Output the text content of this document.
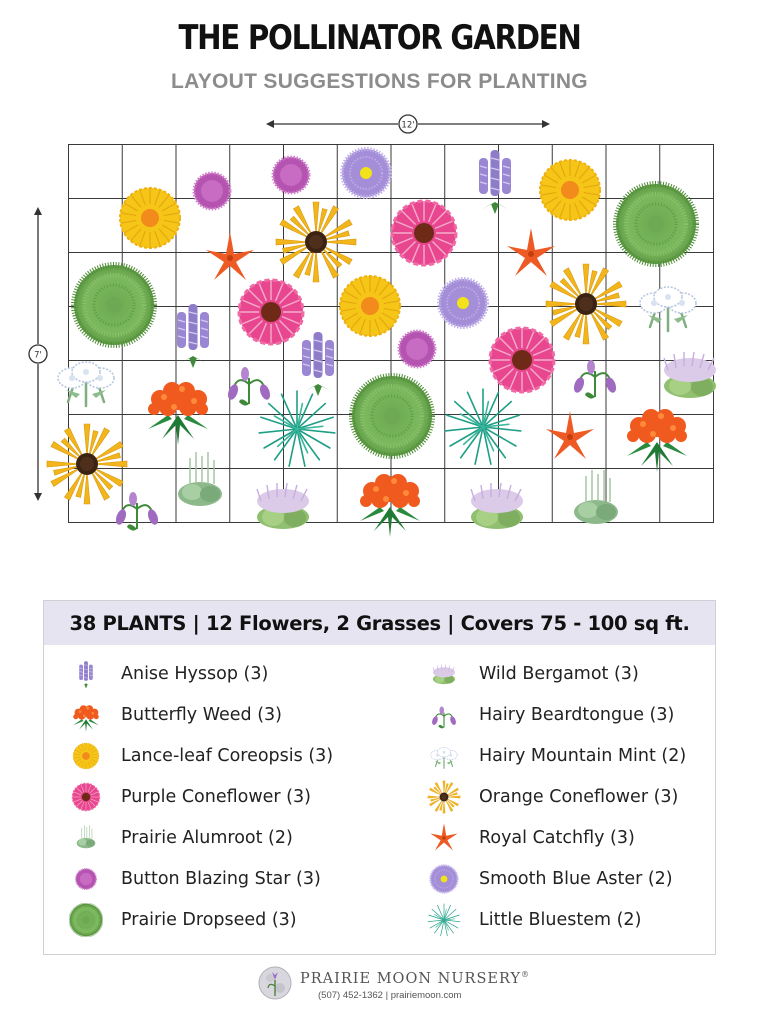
THE POLLINATOR GARDEN
LAYOUT SUGGESTIONS FOR PLANTING
12'
7'
38 PLANTS | 12 Flowers, 2 Grasses | Covers 75 - 100 sq ft.
Anise Hyssop (3)
Butterfly Weed (3)
Lance-leaf Coreopsis (3)
Purple Coneflower (3)
Prairie Alumroot (2)
Button Blazing Star (3)
Prairie Dropseed (3)
Wild Bergamot (3)
Hairy Beardtongue (3)
Hairy Mountain Mint (2)
Orange Coneflower (3)
Royal Catchfly (3)
Smooth Blue Aster (2)
Little Bluestem (2)
PRAIRIE MOON NURSERY®
(507) 452-1362 | prairiemoon.com
